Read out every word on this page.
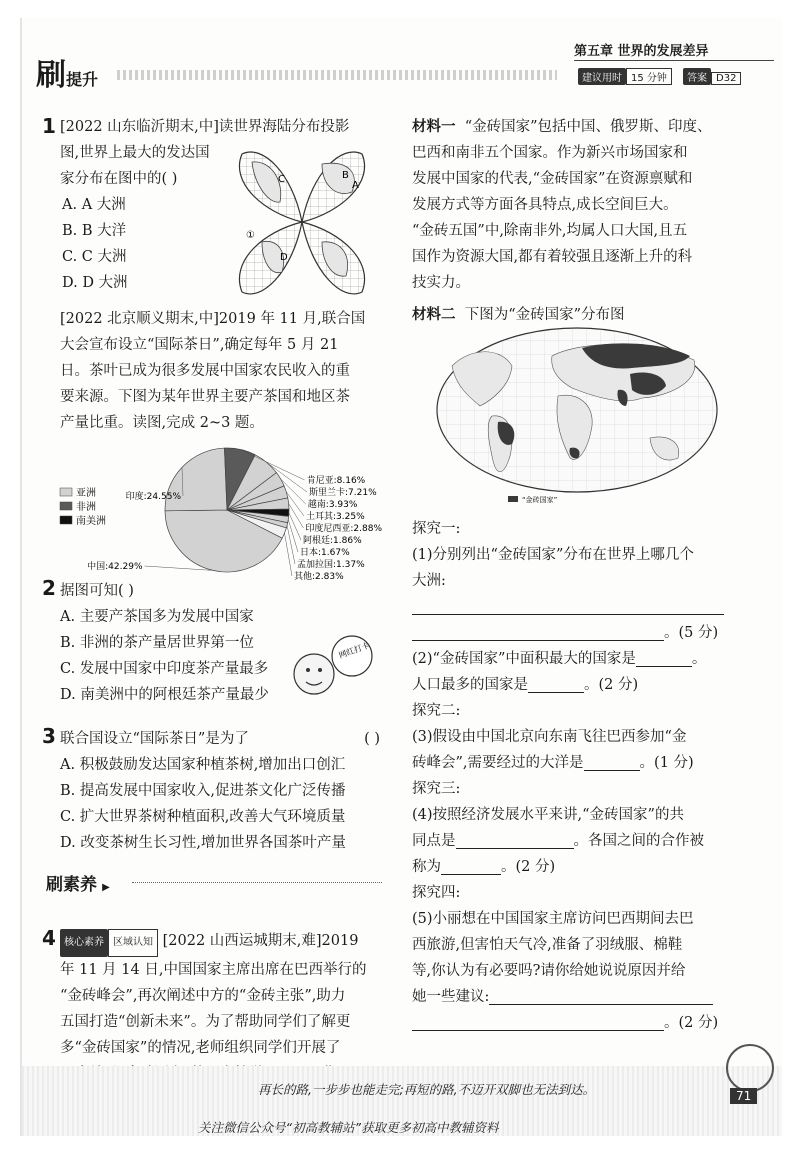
刷提升
第五章 世界的发展差异
建议用时 15 分钟 答案 D32
1 [2022 山东临沂期末,中]读世界海陆分布投影
图,世界上最大的发达国
家分布在图中的( )
A. A 大洲
B. B 大洋
C. C 大洲
D. D 大洲
C	B
A
①
D
[2022 北京顺义期末,中]2019 年 11 月,联合国
大会宣布设立“国际茶日”,确定每年 5 月 21
日。茶叶已成为很多发展中国家农民收入的重
要来源。下图为某年世界主要产茶国和地区茶
产量比重。读图,完成 2~3 题。
亚洲
非洲
南美洲
中国:42.29%
印度:24.55%
肯尼亚:8.16%
斯里兰卡:7.21%
越南:3.93%
土耳其:3.25%
印度尼西亚:2.88%
阿根廷:1.86%
日本:1.67%
孟加拉国:1.37%
其他:2.83%
2 据图可知( )
A. 主要产茶国多为发展中国家
B. 非洲的茶产量居世界第一位
C. 发展中国家中印度茶产量最多
D. 南美洲中的阿根廷茶产量最少
网红打卡
3 联合国设立“国际茶日”是为了	( )
A. 积极鼓励发达国家种植茶树,增加出口创汇
B. 提高发展中国家收入,促进茶文化广泛传播
C. 扩大世界茶树种植面积,改善大气环境质量
D. 改变茶树生长习性,增加世界各国茶叶产量
刷素养 ▶
4 核心素养 区域认知 [2022 山西运城期末,难]2019
年 11 月 14 日,中国国家主席出席在巴西举行的
“金砖峰会”,再次阐述中方的“金砖主张”,助力
五国打造“创新未来”。为了帮助同学们了解更
多“金砖国家”的情况,老师组织同学们开展了
材料一 “金砖国家”包括中国、俄罗斯、印度、
巴西和南非五个国家。作为新兴市场国家和
发展中国家的代表,“金砖国家”在资源禀赋和
发展方式等方面各具特点,成长空间巨大。
“金砖五国”中,除南非外,均属人口大国,且五
国作为资源大国,都有着较强且逐渐上升的科
技实力。
材料二 下图为“金砖国家”分布图
“金砖国家”
探究一:
(1)分别列出“金砖国家”分布在世界上哪几个
大洲:
。(5 分)
(2)“金砖国家”中面积最大的国家是	。
人口最多的国家是	。(2 分)
探究二:
(3)假设由中国北京向东南飞往巴西参加“金
砖峰会”,需要经过的大洋是	。(1 分)
探究三:
(4)按照经济发展水平来讲,“金砖国家”的共
同点是	。各国之间的合作被
称为	。(2 分)
探究四:
(5)小丽想在中国国家主席访问巴西期间去巴
西旅游,但害怕天气冷,准备了羽绒服、棉鞋
等,你认为有必要吗?请你给她说说原因并给
她一些建议:
。(2 分)
再长的路,一步步也能走完;再短的路,不迈开双脚也无法到达。	71
关注微信公众号“初高教辅站”获取更多初高中教辅资料
